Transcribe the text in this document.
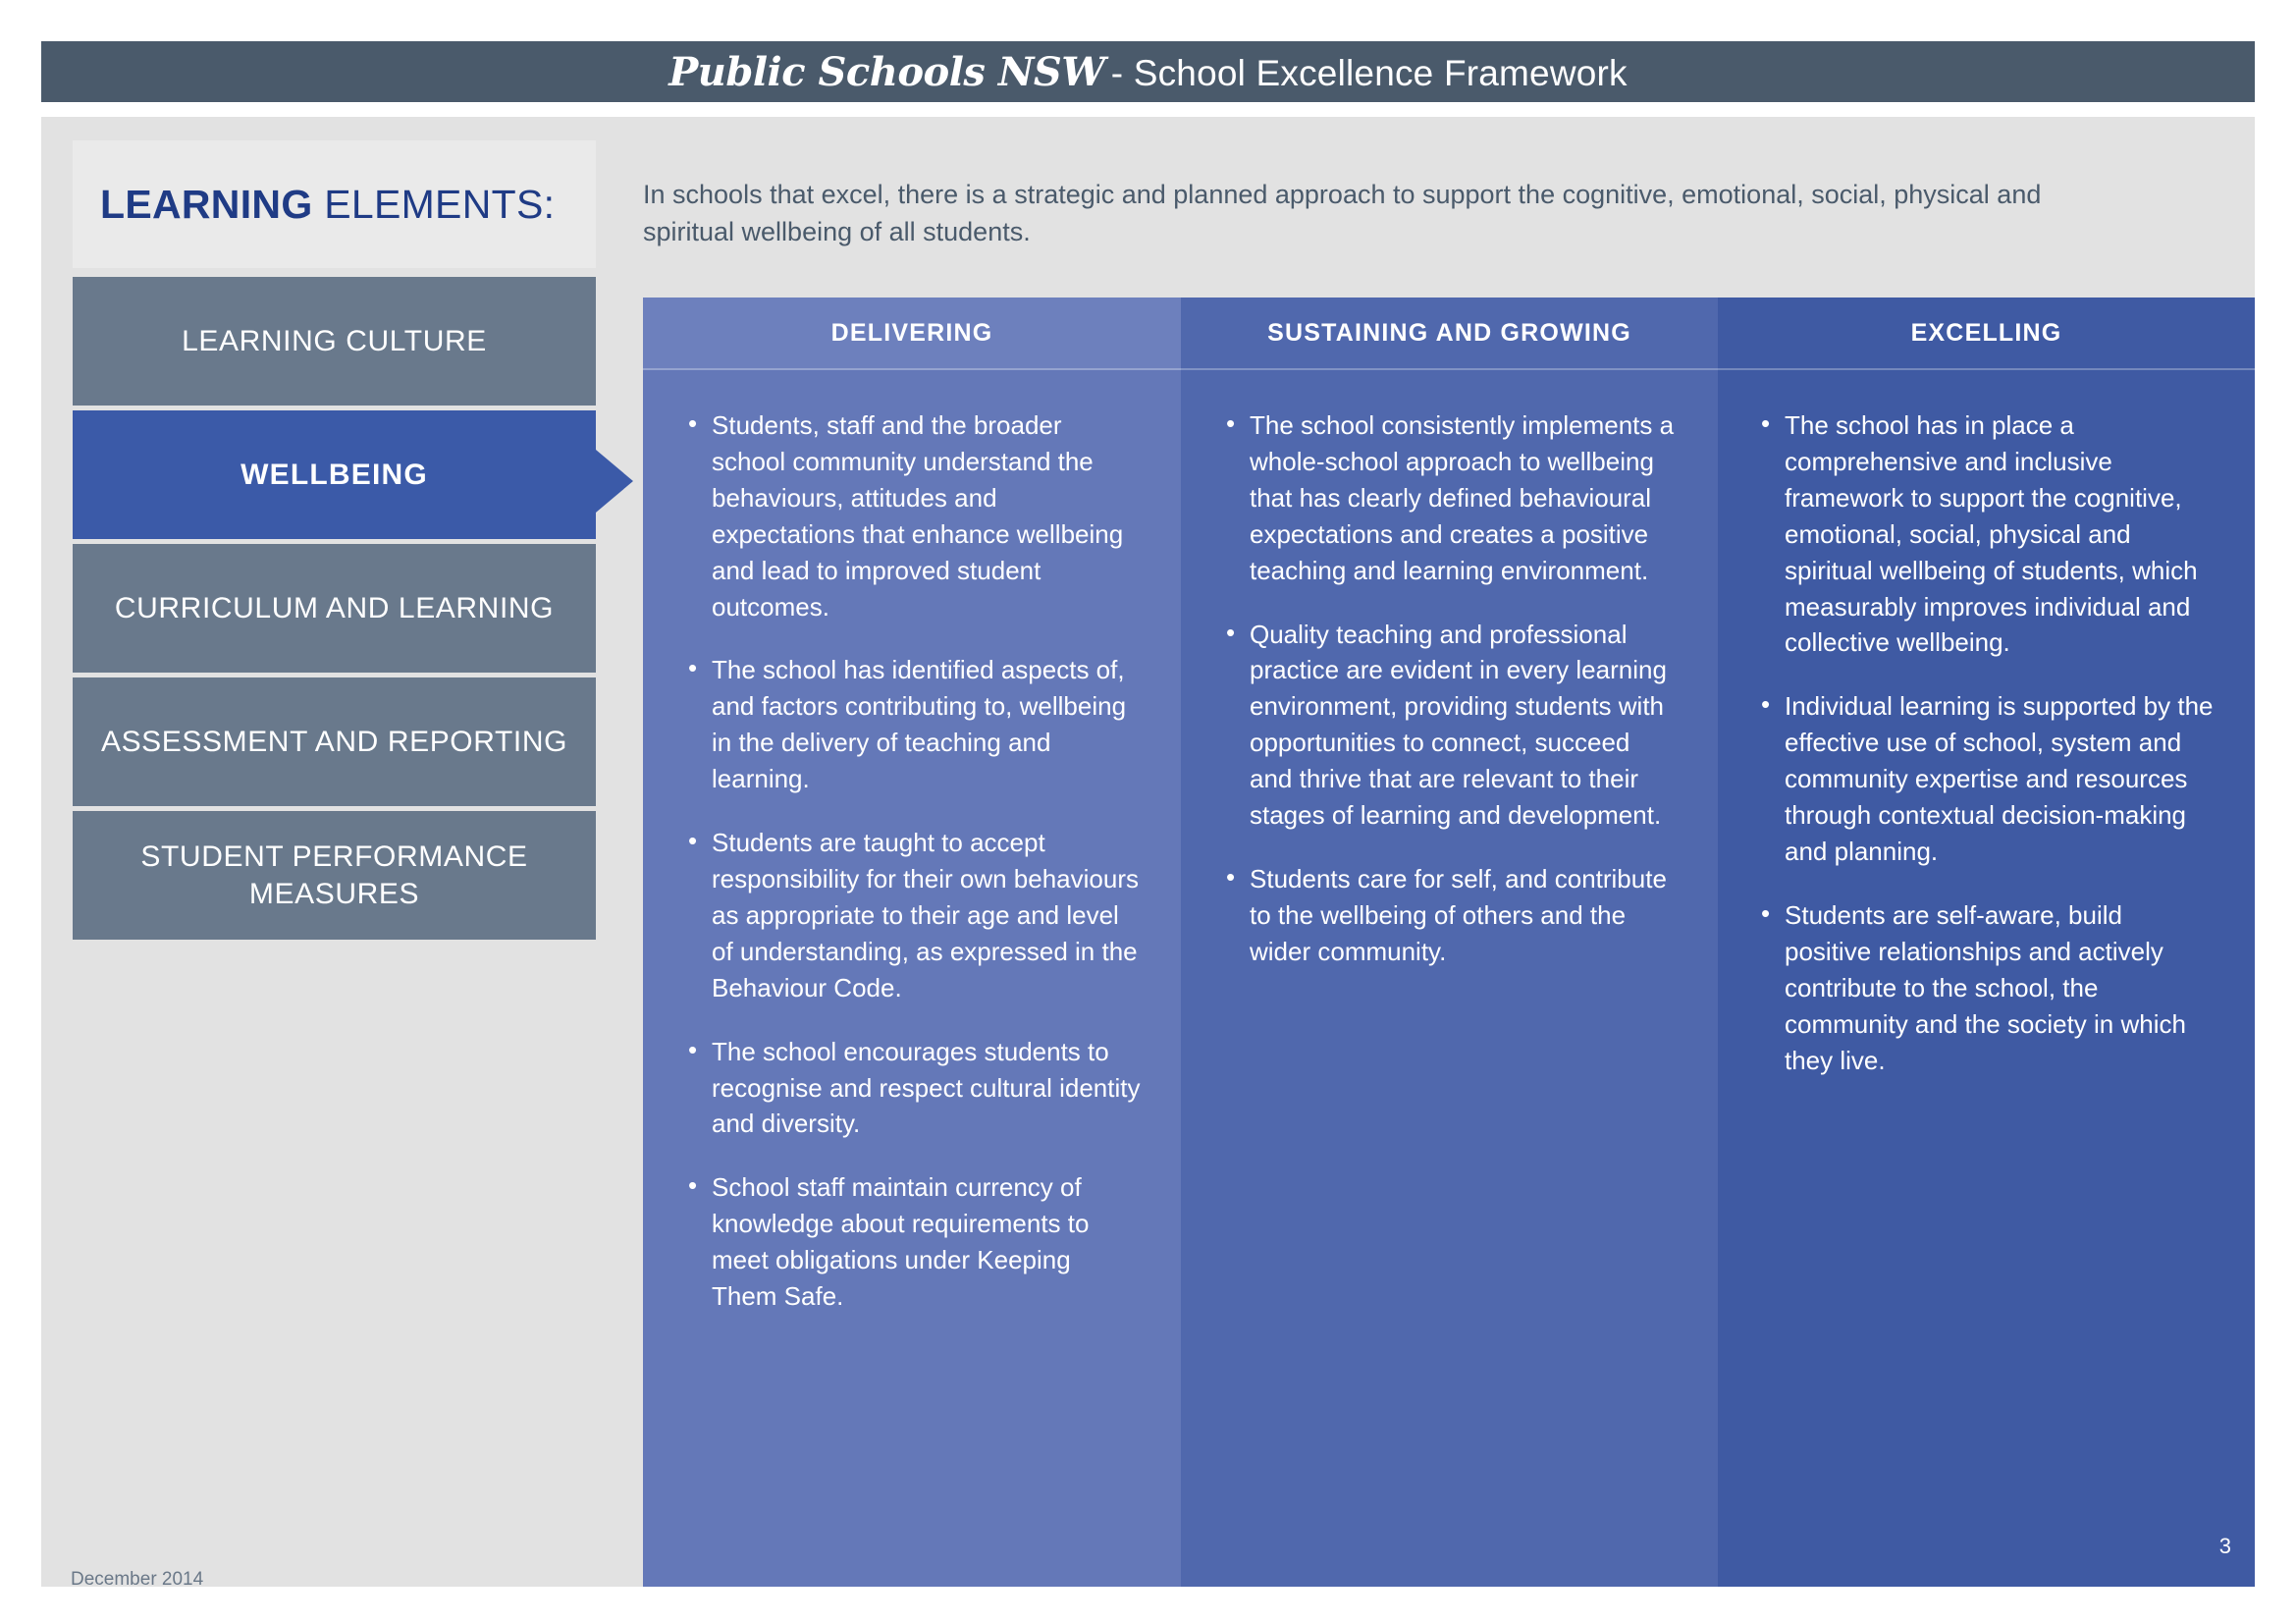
Public Schools NSW - School Excellence Framework
LEARNING ELEMENTS:
LEARNING CULTURE
WELLBEING
CURRICULUM AND LEARNING
ASSESSMENT AND REPORTING
STUDENT PERFORMANCE MEASURES
In schools that excel, there is a strategic and planned approach to support the cognitive, emotional, social, physical and spiritual wellbeing of all students.
DELIVERING
• Students, staff and the broader school community understand the behaviours, attitudes and expectations that enhance wellbeing and lead to improved student outcomes.
• The school has identified aspects of, and factors contributing to, wellbeing in the delivery of teaching and learning.
• Students are taught to accept responsibility for their own behaviours as appropriate to their age and level of understanding, as expressed in the Behaviour Code.
• The school encourages students to recognise and respect cultural identity and diversity.
• School staff maintain currency of knowledge about requirements to meet obligations under Keeping Them Safe.
SUSTAINING AND GROWING
• The school consistently implements a whole-school approach to wellbeing that has clearly defined behavioural expectations and creates a positive teaching and learning environment.
• Quality teaching and professional practice are evident in every learning environment, providing students with opportunities to connect, succeed and thrive that are relevant to their stages of learning and development.
• Students care for self, and contribute to the wellbeing of others and the wider community.
EXCELLING
• The school has in place a comprehensive and inclusive framework to support the cognitive, emotional, social, physical and spiritual wellbeing of students, which measurably improves individual and collective wellbeing.
• Individual learning is supported by the effective use of school, system and community expertise and resources through contextual decision-making and planning.
• Students are self-aware, build positive relationships and actively contribute to the school, the community and the society in which they live.
3
December 2014
